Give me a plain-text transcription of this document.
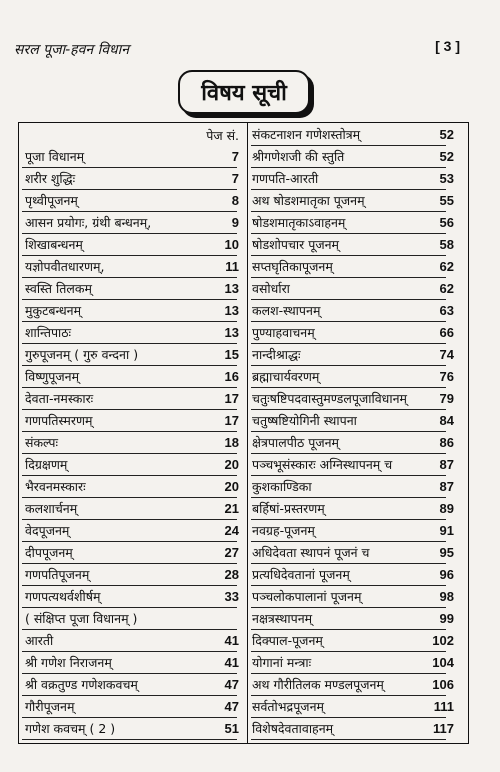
सरल पूजा-हवन विधान	[ 3 ]
विषय सूची
पेज सं.
पूजा विधानम्	7
शरीर शुद्धिः	7
पृथ्वीपूजनम्	8
आसन प्रयोगः, ग्रंथी बन्धनम्,	9
शिखाबन्धनम्	10
यज्ञोपवीतधारणम्,	11
स्वस्ति तिलकम्	13
मुकुटबन्धनम्	13
शान्तिपाठः	13
गुरुपूजनम् ( गुरु वन्दना )	15
विष्णुपूजनम्	16
देवता-नमस्कारः	17
गणपतिस्मरणम्	17
संकल्पः	18
दिग्रक्षणम्	20
भैरवनमस्कारः	20
कलशार्चनम्	21
वेदपूजनम्	24
दीपपूजनम्	27
गणपतिपूजनम्	28
गणपत्यथर्वशीर्षम्	33
( संक्षिप्त पूजा विधानम् )
आरती	41
श्री गणेश निराजनम्	41
श्री वक्रतुण्ड गणेशकवचम्	47
गौरीपूजनम्	47
गणेश कवचम् ( 2 )	51
संकटनाशन गणेशस्तोत्रम्	52
श्रीगणेशजी की स्तुति	52
गणपति-आरती	53
अथ षोडशमातृका पूजनम्	55
षोडशमातृकाऽवाहनम्	56
षोडशोपचार पूजनम्	58
सप्तघृतिकापूजनम्	62
वसोर्धारा	62
कलश-स्थापनम्	63
पुण्याहवाचनम्	66
नान्दीश्राद्धः	74
ब्रह्माचार्यवरणम्	76
चतुःषष्टिपदवास्तुमण्डलपूजाविधानम्	79
चतुष्षष्टियोगिनी स्थापना	84
क्षेत्रपालपीठ पूजनम्	86
पञ्चभूसंस्कारः अग्निस्थापनम् च	87
कुशकाण्डिका	87
बर्हिषां-प्रस्तरणम्	89
नवग्रह-पूजनम्	91
अधिदेवता स्थापनं पूजनं च	95
प्रत्यधिदेवतानां पूजनम्	96
पञ्चलोकपालानां पूजनम्	98
नक्षत्रस्थापनम्	99
दिक्पाल-पूजनम्	102
योगानां मन्त्राः	104
अथ गौरीतिलक मण्डलपूजनम्	106
सर्वतोभद्रपूजनम्	111
विशेषदेवतावाहनम्	117
